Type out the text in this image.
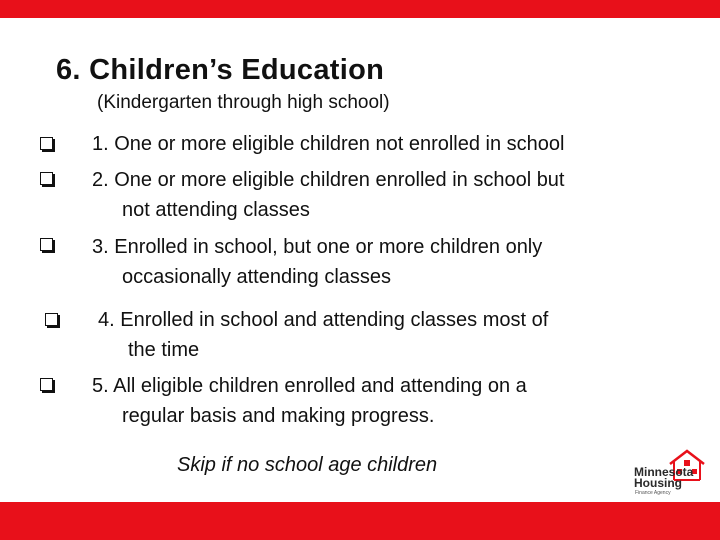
6. Children’s Education
(Kindergarten through high school)
1. One or more eligible children not enrolled in school
2. One or more eligible children enrolled in school but
not attending classes
3. Enrolled in school, but one or more children only
occasionally attending classes
4. Enrolled in school and attending classes most of
the time
5. All eligible children enrolled and attending on a
regular basis and making progress.
Skip if no school age children	Minnesota
Housing
Finance Agency
